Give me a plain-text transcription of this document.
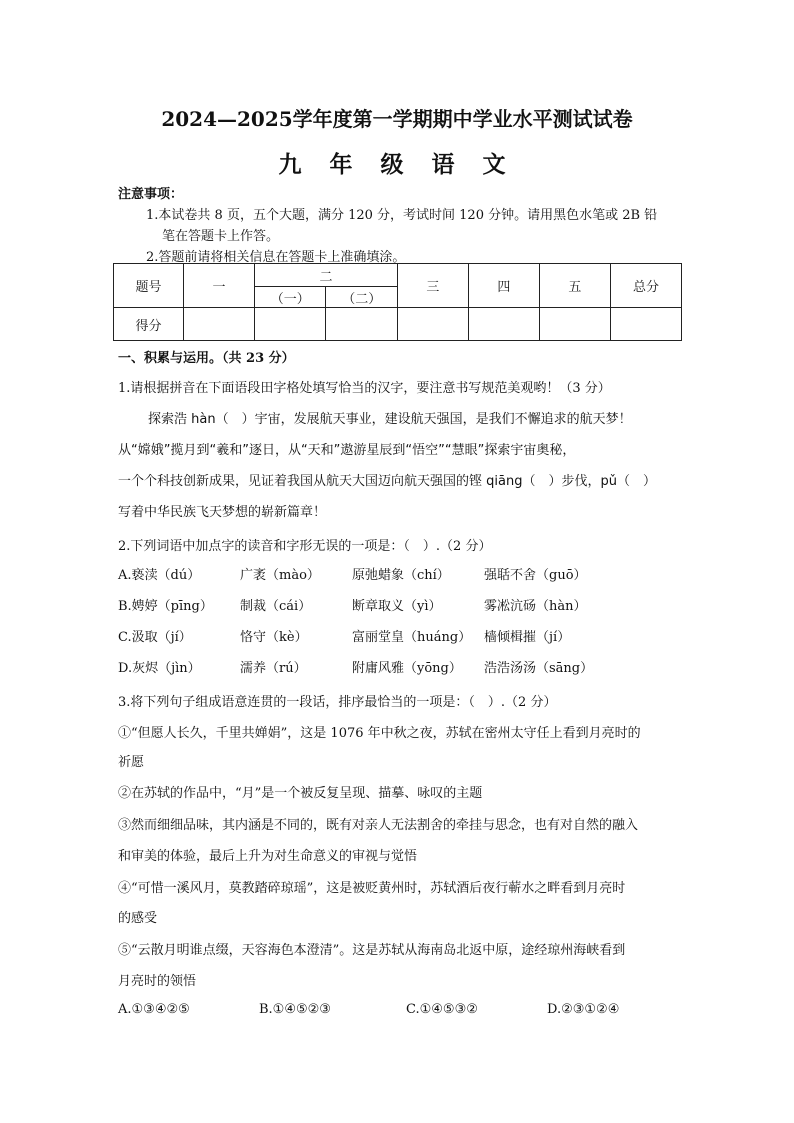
2024—2025学年度第一学期期中学业水平测试试卷
九 年 级 语 文
注意事项：
1.本试卷共 8 页，五个大题，满分 120 分，考试时间 120 分钟。请用黑色水笔或 2B 铅
笔在答题卡上作答。
2.答题前请将相关信息在答题卡上准确填涂。
题号	一	二		三	四	五	总分
		（一）	（二）				
得分							
一、积累与运用。（共 23 分）
1.请根据拼音在下面语段田字格处填写恰当的汉字，要注意书写规范美观哟！（3 分）
探索浩 hàn（　）宇宙，发展航天事业，建设航天强国，是我们不懈追求的航天梦！
从“嫦娥”揽月到“羲和”逐日，从“天和”遨游星辰到“悟空”“慧眼”探索宇宙奥秘，
一个个科技创新成果，见证着我国从航天大国迈向航天强国的铿 qiāng（　）步伐，pǔ（　）
写着中华民族飞天梦想的崭新篇章！
2.下列词语中加点字的读音和字形无误的一项是：（　）.（2 分）
A.亵渎（dú）	广袤（mào） 原弛蜡象（chí）	强聒不舍（guō）
B.娉婷（pīng） 制裁（cái）	断章取义（yì）	雾凇沆砀（hàn）
C.汲取（jí）	恪守（kè）	富丽堂皇（huáng） 樯倾楫摧（jí）
D.灰烬（jìn）	濡养（rú）	附庸风雅（yōng） 浩浩汤汤（sāng）
3.将下列句子组成语意连贯的一段话，排序最恰当的一项是：（　）.（2 分）
①“但愿人长久，千里共婵娟”，这是 1076 年中秋之夜，苏轼在密州太守任上看到月亮时的
祈愿
②在苏轼的作品中，“月”是一个被反复呈现、描摹、咏叹的主题
③然而细细品味，其内涵是不同的，既有对亲人无法割舍的牵挂与思念，也有对自然的融入
和审美的体验，最后上升为对生命意义的审视与觉悟
④“可惜一溪风月，莫教踏碎琼瑶”，这是被贬黄州时，苏轼酒后夜行蕲水之畔看到月亮时
的感受
⑤“云散月明谁点缀，天容海色本澄清”。这是苏轼从海南岛北返中原，途经琼州海峡看到
月亮时的领悟
A.①③④②⑤	B.①④⑤②③	C.①④⑤③②	D.②③①②④
